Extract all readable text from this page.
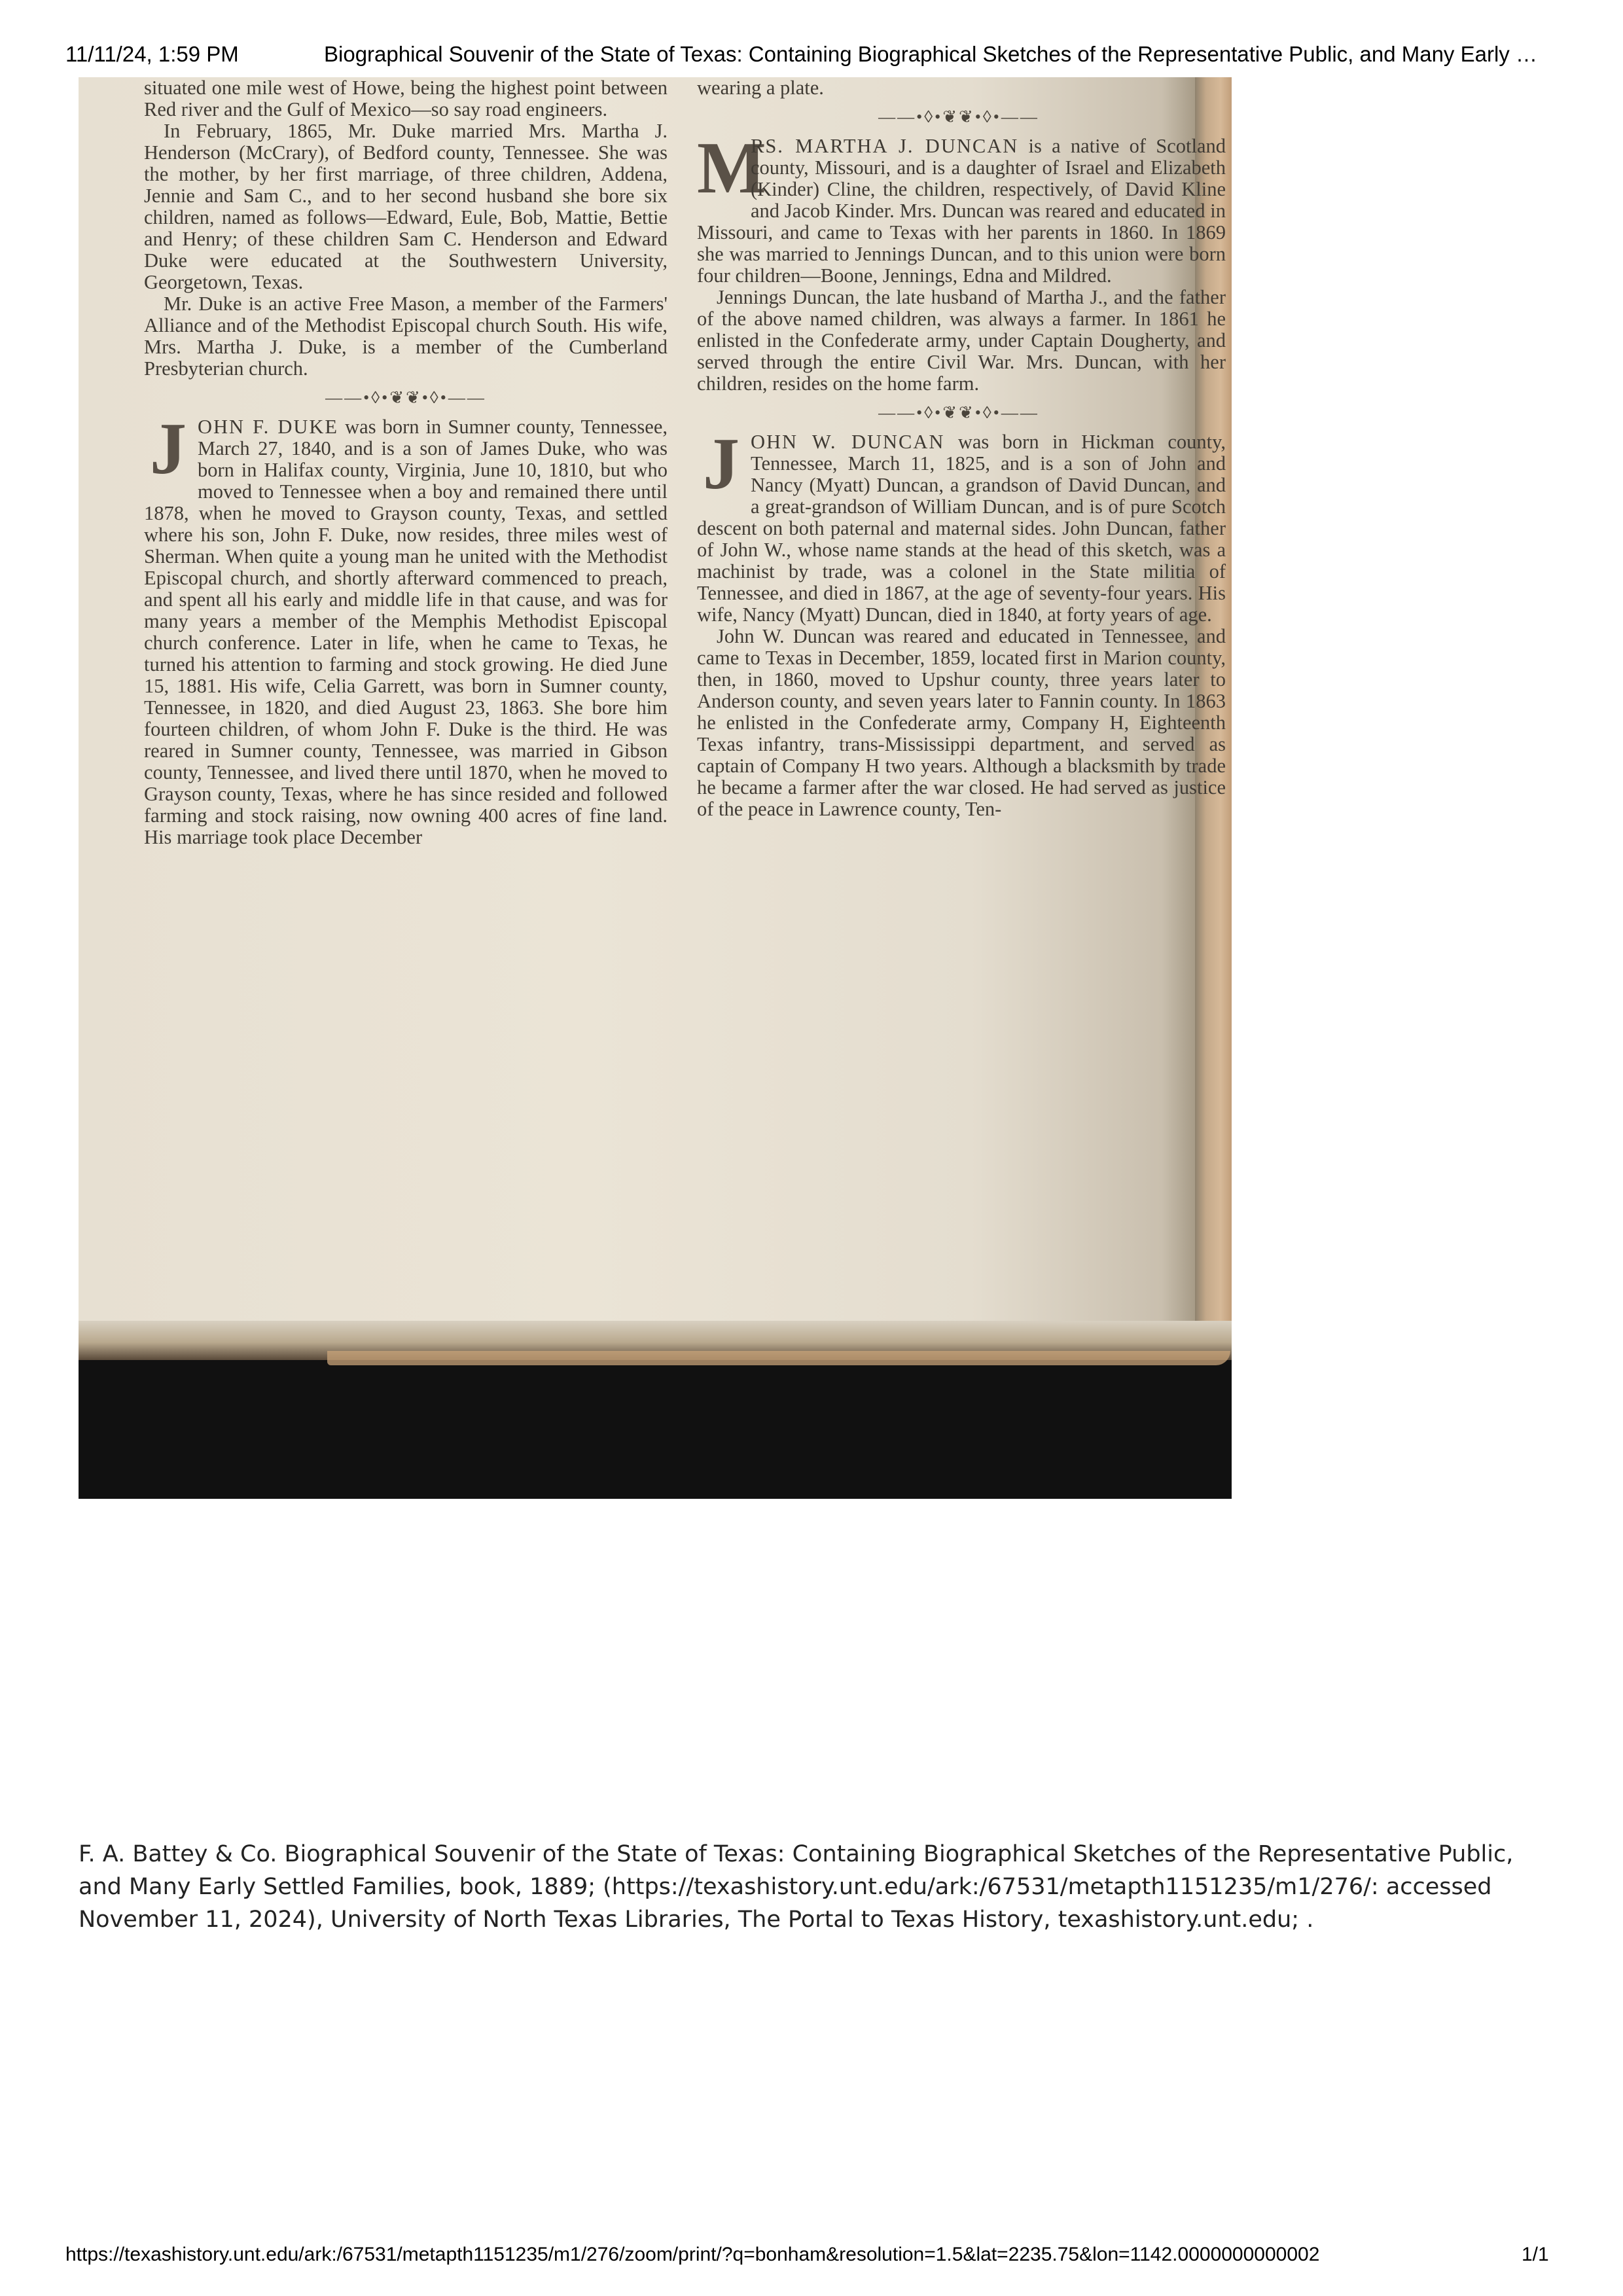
11/11/24, 1:59 PM	Biographical Souvenir of the State of Texas: Containing Biographical Sketches of the Representative Public, and Many Early …

situated one mile west of Howe, being the highest point between Red river and the Gulf of Mexico—so say road engineers.

In February, 1865, Mr. Duke married Mrs. Martha J. Henderson (McCrary), of Bedford county, Tennessee. She was the mother, by her first marriage, of three children, Addena, Jennie and Sam C., and to her second husband she bore six children, named as follows—Edward, Eule, Bob, Mattie, Bettie and Henry; of these children Sam C. Henderson and Edward Duke were educated at the Southwestern University, Georgetown, Texas.

Mr. Duke is an active Free Mason, a member of the Farmers' Alliance and of the Methodist Episcopal church South. His wife, Mrs. Martha J. Duke, is a member of the Cumberland Presbyterian church.

——•◊•❦❦•◊•——
J OHN F. DUKE was born in Sumner county, Tennessee, March 27, 1840, and is a son of James Duke, who was born in Halifax county, Virginia, June 10, 1810, but who moved to Tennessee when a boy and remained there until 1878, when he moved to Grayson county, Texas, and settled where his son, John F. Duke, now resides, three miles west of Sherman. When quite a young man he united with the Methodist Episcopal church, and shortly afterward commenced to preach, and spent all his early and middle life in that cause, and was for many years a member of the Memphis Methodist Episcopal church conference. Later in life, when he came to Texas, he turned his attention to farming and stock growing. He died June 15, 1881. His wife, Celia Garrett, was born in Sumner county, Tennessee, in 1820, and died August 23, 1863. She bore him fourteen children, of whom John F. Duke is the third. He was reared in Sumner county, Tennessee, was married in Gibson county, Tennessee, and lived there until 1870, when he moved to Grayson county, Texas, where he has since resided and followed farming and stock raising, now owning 400 acres of fine land. His marriage took place December

wearing a plate.

——•◊•❦❦•◊•——
M

RS. MARTHA J. DUNCAN is a native of Scotland county, Missouri, and is a daughter of Israel and Elizabeth (Kinder) Cline, the children, respectively, of David Kline and Jacob Kinder. Mrs. Duncan was reared and educated in Missouri, and came to Texas with her parents in 1860. In 1869 she was married to Jennings Duncan, and to this union were born four children—Boone, Jennings, Edna and Mildred.

Jennings Duncan, the late husband of Martha J., and the father of the above named children, was always a farmer. In 1861 he enlisted in the Confederate army, under Captain Dougherty, and served through the entire Civil War. Mrs. Duncan, with her children, resides on the home farm.

——•◊•❦❦•◊•——
J OHN W. DUNCAN was born in Hickman county, Tennessee, March 11, 1825, and is a son of John and Nancy (Myatt) Duncan, a grandson of David Duncan, and a great-grandson of William Duncan, and is of pure Scotch descent on both paternal and maternal sides. John Duncan, father of John W., whose name stands at the head of this sketch, was a machinist by trade, was a colonel in the State militia of Tennessee, and died in 1867, at the age of seventy-four years. His wife, Nancy (Myatt) Duncan, died in 1840, at forty years of age.

John W. Duncan was reared and educated in Tennessee, and came to Texas in December, 1859, located first in Marion county, then, in 1860, moved to Upshur county, three years later to Anderson county, and seven years later to Fannin county. In 1863 he enlisted in the Confederate army, Company H, Eighteenth Texas infantry, trans-Mississippi department, and served as captain of Company H two years. Although a blacksmith by trade he became a farmer after the war closed. He had served as justice of the peace in Lawrence county, Ten-

F. A. Battey & Co. Biographical Souvenir of the State of Texas: Containing Biographical Sketches of the Representative Public, and Many Early Settled Families, book, 1889; (https://texashistory.unt.edu/ark:/67531/metapth1151235/m1/276/: accessed November 11, 2024), University of North Texas Libraries, The Portal to Texas History, texashistory.unt.edu; .
https://texashistory.unt.edu/ark:/67531/metapth1151235/m1/276/zoom/print/?q=bonham&resolution=1.5&lat=2235.75&lon=1142.0000000000002	1/1
